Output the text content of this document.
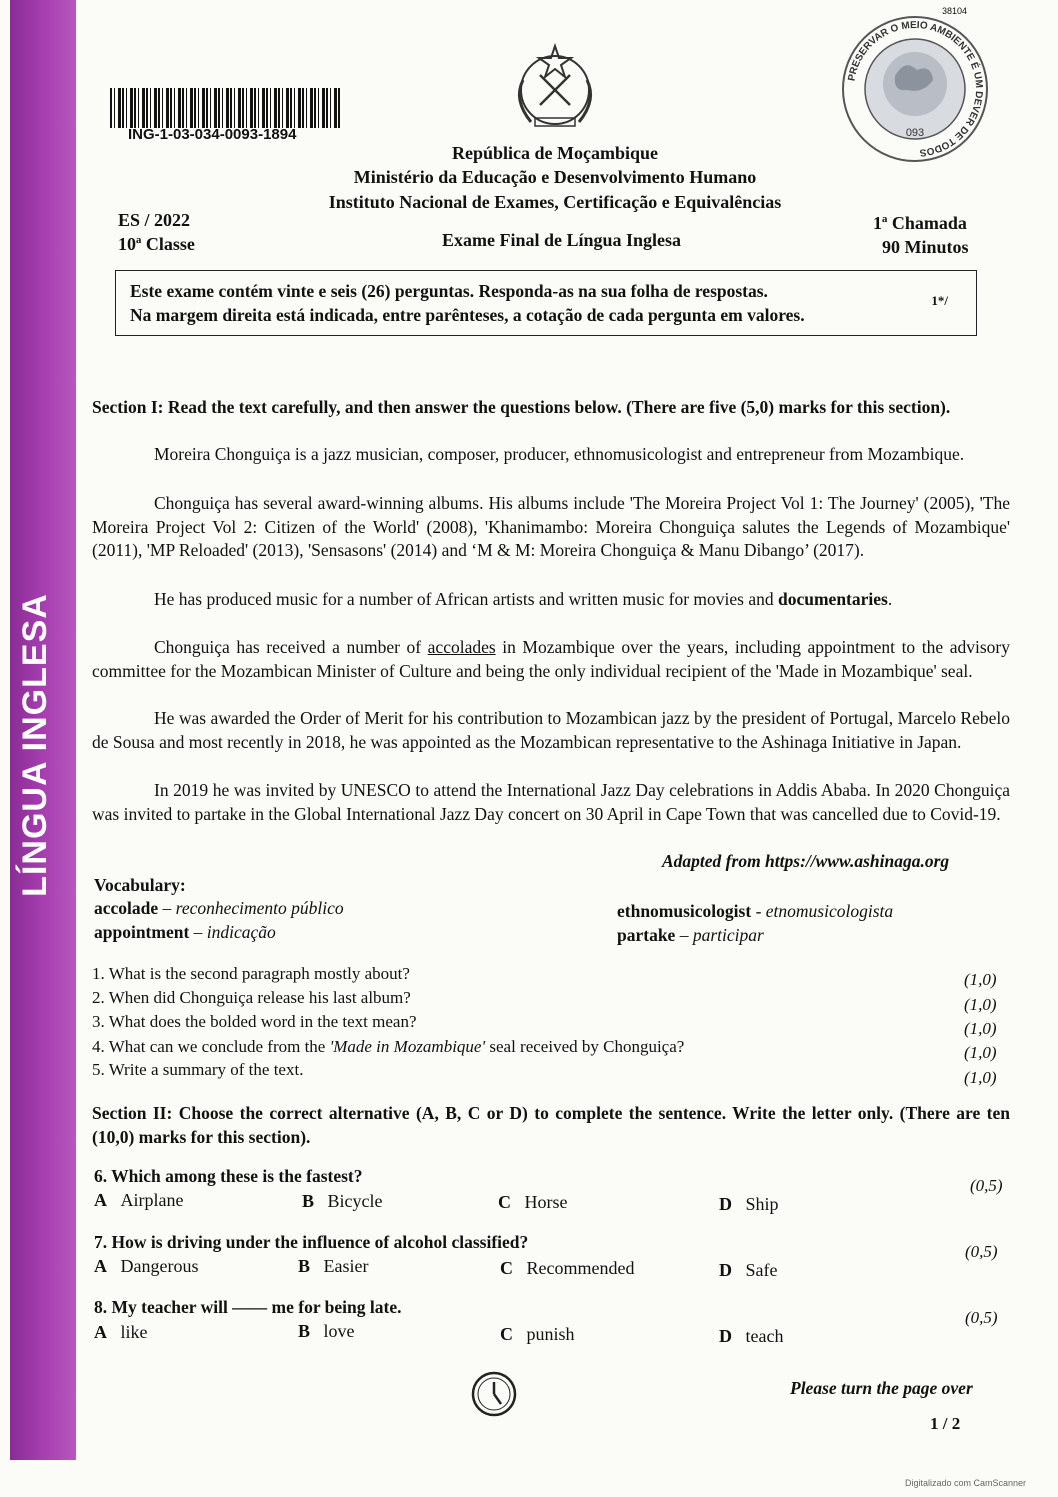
LÍNGUA INGLESA
ING-1-03-034-0093-1894
38104
093
PRESERVAR O MEIO AMBIENTE É UM DEVER DE TODOS
República de Moçambique
Ministério da Educação e Desenvolvimento Humano
Instituto Nacional de Exames, Certificação e Equivalências
ES / 2022
10ª Classe	Exame Final de Língua Inglesa
1ª Chamada
90 Minutos
Este exame contém vinte e seis (26) perguntas. Responda-as na sua folha de respostas.
Na margem direita está indicada, entre parênteses, a cotação de cada pergunta em valores.
1*/
Section I: Read the text carefully, and then answer the questions below. (There are five (5,0) marks for this section).
Moreira Chonguiça is a jazz musician, composer, producer, ethnomusicologist and entrepreneur from Mozambique.
Chonguiça has several award-winning albums. His albums include 'The Moreira Project Vol 1: The Journey' (2005), 'The Moreira Project Vol 2: Citizen of the World' (2008), 'Khanimambo: Moreira Chonguiça salutes the Legends of Mozambique' (2011), 'MP Reloaded' (2013), 'Sensasons' (2014) and ‘M & M: Moreira Chonguiça & Manu Dibango’ (2017).
He has produced music for a number of African artists and written music for movies and documentaries.
Chonguiça has received a number of accolades in Mozambique over the years, including appointment to the advisory committee for the Mozambican Minister of Culture and being the only individual recipient of the 'Made in Mozambique' seal.
He was awarded the Order of Merit for his contribution to Mozambican jazz by the president of Portugal, Marcelo Rebelo de Sousa and most recently in 2018, he was appointed as the Mozambican representative to the Ashinaga Initiative in Japan.
In 2019 he was invited by UNESCO to attend the International Jazz Day celebrations in Addis Ababa. In 2020 Chonguiça was invited to partake in the Global International Jazz Day concert on 30 April in Cape Town that was cancelled due to Covid-19.
Adapted from https://www.ashinaga.org
Vocabulary:
accolade – reconhecimento público
appointment – indicação
ethnomusicologist - etnomusicologista
partake – participar
1. What is the second paragraph mostly about?	(1,0)
2. When did Chonguiça release his last album?	(1,0)
3. What does the bolded word in the text mean?	(1,0)
4. What can we conclude from the 'Made in Mozambique' seal received by Chonguiça?	(1,0)
5. Write a summary of the text.	(1,0)
Section II: Choose the correct alternative (A, B, C or D) to complete the sentence. Write the letter only. (There are ten (10,0) marks for this section).
6. Which among these is the fastest?	(0,5)
A Airplane	B Bicycle	C Horse	D Ship
7. How is driving under the influence of alcohol classified?	(0,5)
A Dangerous	B Easier	C Recommended	D Safe
8. My teacher will —— me for being late.
(0,5)
A like	B love	C punish	D teach
Please turn the page over
1 / 2
Digitalizado com CamScanner
